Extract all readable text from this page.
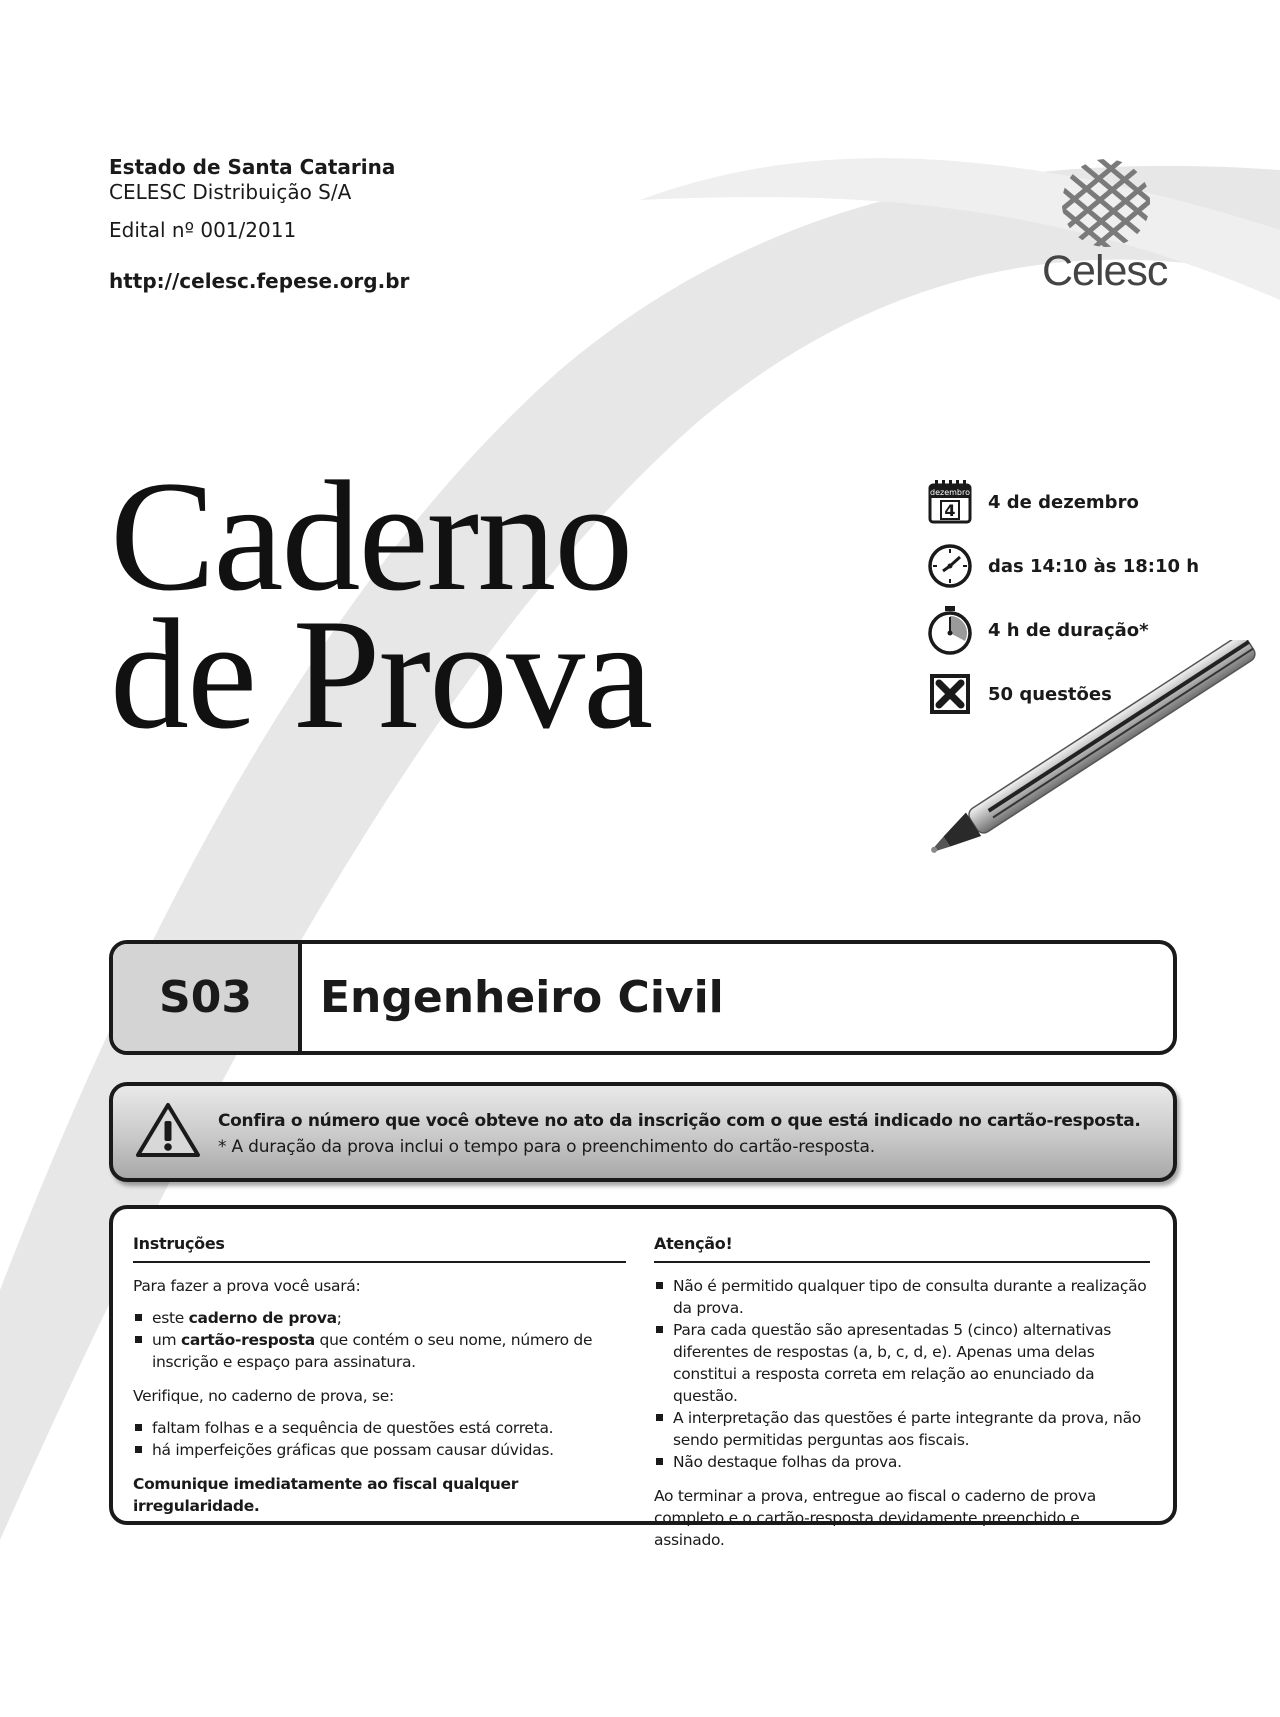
Estado de Santa Catarina
CELESC Distribuição S/A
Edital nº 001/2011
http://celesc.fepese.org.br	Celesc
Caderno
de Prova
dezembro
4 4 de dezembro
das 14:10 às 18:10 h
4 h de duração*
50 questões
S03	Engenheiro Civil
Confira o número que você obteve no ato da inscrição com o que está indicado no cartão-resposta.
* A duração da prova inclui o tempo para o preenchimento do cartão-resposta.
Instruções

Para fazer a prova você usará:

este caderno de prova;
um cartão-resposta que contém o seu nome, número de inscrição e espaço para assinatura.

Verifique, no caderno de prova, se:

faltam folhas e a sequência de questões está correta.
há imperfeições gráficas que possam causar dúvidas.

Comunique imediatamente ao fiscal qualquer irregularidade.

Atenção!
Não é permitido qualquer tipo de consulta durante a realização da prova.
Para cada questão são apresentadas 5 (cinco) alternativas diferentes de respostas (a, b, c, d, e). Apenas uma delas constitui a resposta correta em relação ao enunciado da questão.
A interpretação das questões é parte integrante da prova, não sendo permitidas perguntas aos fiscais.
Não destaque folhas da prova.

Ao terminar a prova, entregue ao fiscal o caderno de prova completo e o cartão-resposta devidamente preenchido e assinado.
